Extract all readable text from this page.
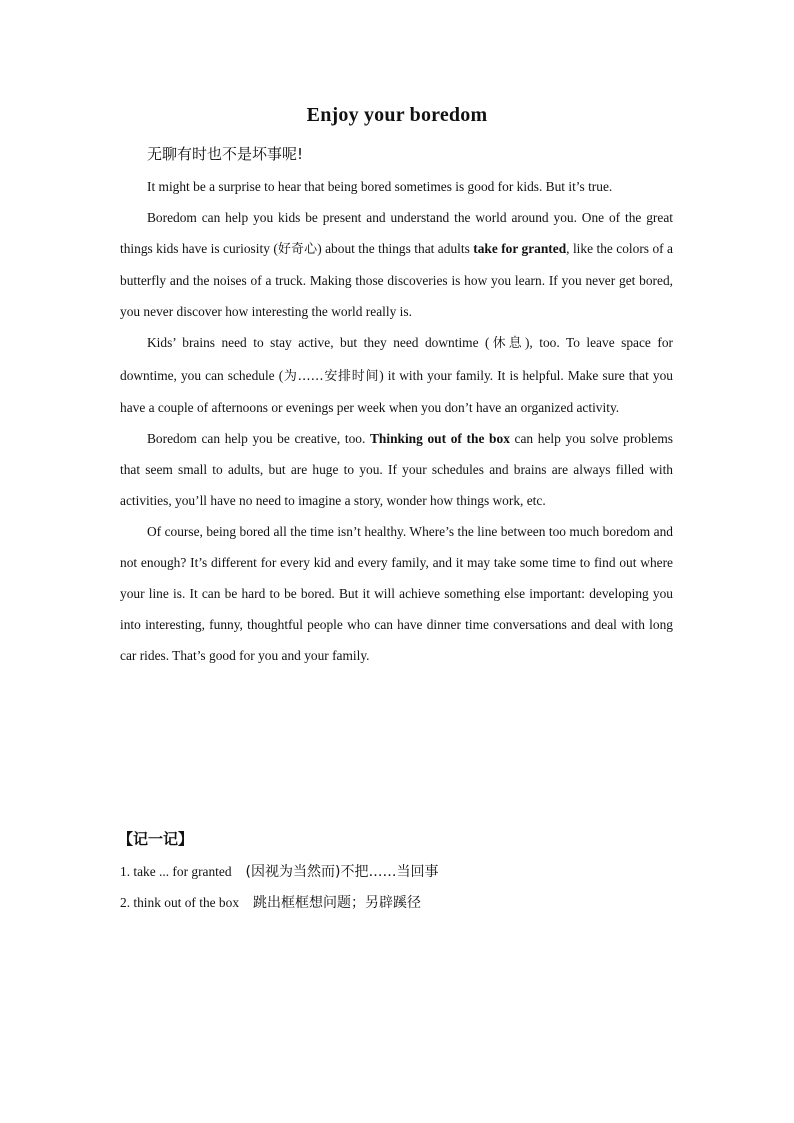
Enjoy your boredom
无聊有时也不是坏事呢!

It might be a surprise to hear that being bored sometimes is good for kids. But it’s true.

Boredom can help you kids be present and understand the world around you. One of the great things kids have is curiosity (好奇心) about the things that adults take for granted, like the colors of a butterfly and the noises of a truck. Making those discoveries is how you learn. If you never get bored, you never discover how interesting the world really is.

Kids’ brains need to stay active, but they need downtime (休息), too. To leave space for downtime, you can schedule (为……安排时间) it with your family. It is helpful. Make sure that you have a couple of afternoons or evenings per week when you don’t have an organized activity.

Boredom can help you be creative, too. Thinking out of the box can help you solve problems that seem small to adults, but are huge to you. If your schedules and brains are always filled with activities, you’ll have no need to imagine a story, wonder how things work, etc.

Of course, being bored all the time isn’t healthy. Where’s the line between too much boredom and not enough? It’s different for every kid and every family, and it may take some time to find out where your line is. It can be hard to be bored. But it will achieve something else important: developing you into interesting, funny, thoughtful people who can have dinner time conversations and deal with long car rides. That’s good for you and your family.

【记一记】
1. take ... for granted (因视为当然而)不把……当回事
2. think out of the box 跳出框框想问题；另辟蹊径
